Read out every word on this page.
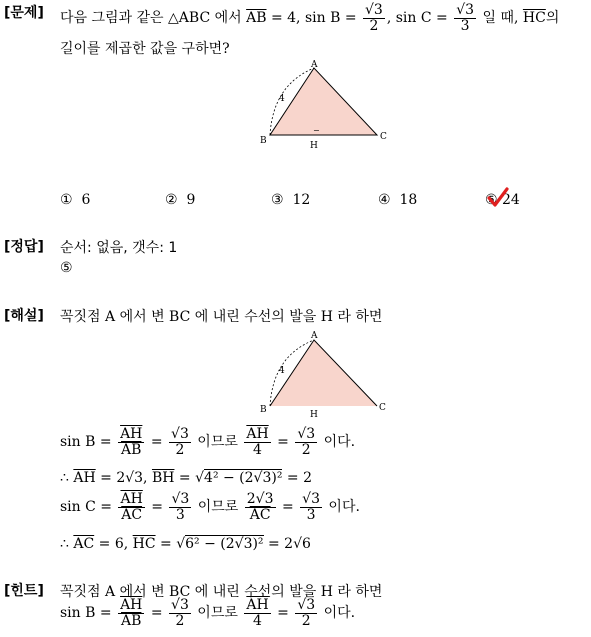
[문제] 다음 그림과 같은 △ABC 에서 $\overline{AB} = 4$, $\sin B = \frac{√3}{2}$ , $\sin C = \frac{√3}{3}$ 일 때, $\overline{HC}$의
길이를 제곱한 값을 구하면?
A
B	C
H
4
−
① 6	② 9	③ 12	④ 18	⑤ 24
[정답] 순서: 없음, 갯수: 1
⑤
[해설] 꼭짓점 A 에서 변 BC 에 내린 수선의 발을 H 라 하면
A
B	C
H
4
$\sin B = \frac{\overline{AH}}{AB} = \frac{√3}{2}$ 이므로 $\frac{\overline{AH}}{4} = \frac{√3}{2}$ 이다.
∴ $\overline{AH} = 2√3$, $\overline{BH} = √4^2 - (2√3)^2 = 2$
$\sin C = \frac{\overline{AH}}{AC} = \frac{√3}{3}$ 이므로 $\frac{2√3}{AC} = \frac{√3}{3}$ 이다.
∴ $\overline{AC} = 6$, $\overline{HC} = √6^2 - (2√3)^2 = 2√6$
[힌트] 꼭짓점 A 에서 변 BC 에 내린 수선의 발을 H 라 하면
$\sin B = \frac{\overline{AH}}{AB} = \frac{√3}{2}$ 이므로 $\frac{\overline{AH}}{4} = \frac{√3}{2}$ 이다.
